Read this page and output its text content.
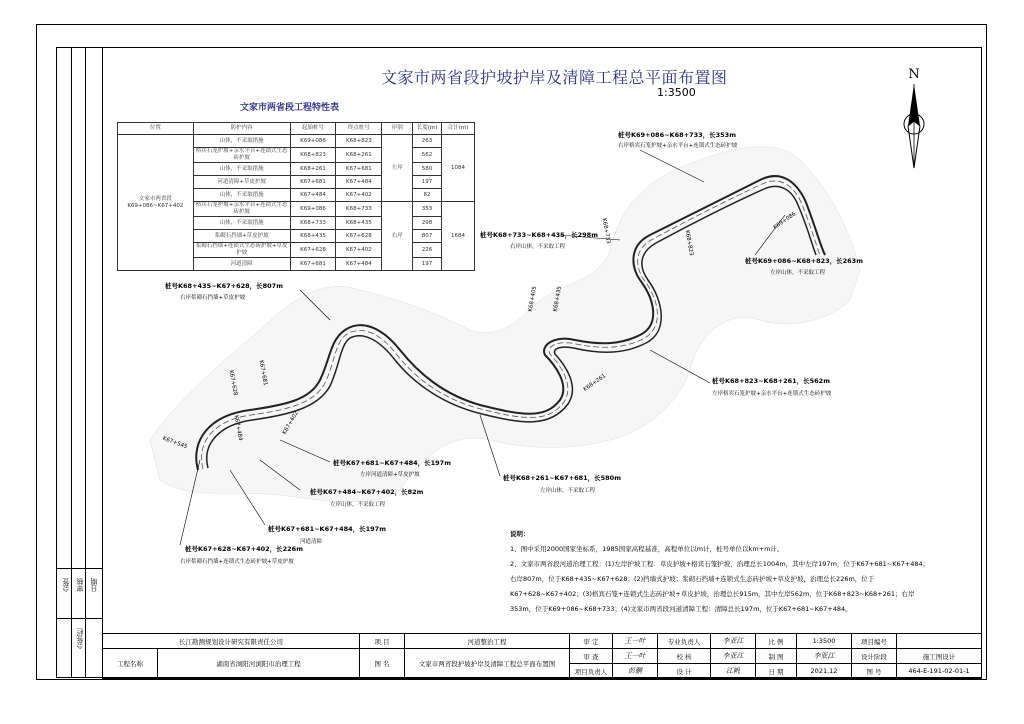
会签 审核 日期
会签栏
文家市两省段护坡护岸及清障工程总平面布置图
1:3500
N
文家市两省段工程特性表
位置	防护内容	起始桩号	终点桩号	岸别	长度(m)	合计(m)
文家市两省段
K69+086~K67+402	山体，不采取措施	K69+086	K68+823	左岸	263	1084
	格宾石笼护坡+亲水平台+连锁式生态砖护坡	K68+823	K68+261		562	
	山体，不采取措施	K68+261	K67+681		580	
	河道清障+草皮护坡	K67+681	K67+484		197	
	山体，不采取措施	K67+484	K67+402		82	
	格宾石笼护坡+亲水平台+连锁式生态砖护坡	K69+086	K68+733	右岸	353	1684
	山体，不采取措施	K68+733	K68+435		298	
	浆砌石挡墙+草皮护坡	K68+435	K67+628		807	
	浆砌石挡墙+连锁式生态砖护坡+草皮护坡	K67+628	K67+402		226	
	河道清障	K67+681	K67+484		197	
桩号K69+086~K68+733，长353m
右岸格宾石笼护坡+亲水平台+连锁式生态砖护坡
桩号K69+086~K68+823，长263m
左岸山体，不采取工程
桩号K68+733~K68+435，长298m
右岸山体，不采取工程
桩号K68+435~K67+628，长807m
右岸浆砌石挡墙+草皮护坡
桩号K68+823~K68+261，长562m
左岸格宾石笼护坡+亲水平台+连锁式生态砖护坡
桩号K67+681~K67+484，长197m
左岸河道清障+草皮护坡
桩号K67+484~K67+402，长82m
左岸山体，不采取工程
桩号K68+261~K67+681，长580m
左岸山体，不采取工程
桩号K67+681~K67+484，长197m
河道清障
桩号K67+628~K67+402，长226m
右岸浆砌石挡墙+连锁式生态砖护坡+草皮护坡
K69+086
K68+823
K68+733
K68+435
K68+405
K68+261
K67+681
K67+628
K67+545
K67+484	K67+402

说明：

1、图中采用2000国家坐标系，1985国家高程基准，高程单位以m计，桩号单位以km+m计。

2、文家市两省段河道治理工程：(1)左岸护坡工程：草皮护坡+格宾石笼护坡，治理总长1004m，其中左岸197m，位于K67+681~K67+484；右岸807m，位于K68+435~K67+628；(2)挡墙式护坡：浆砌石挡墙+连锁式生态砖护坡+草皮护坡，治理总长226m，位于K67+628~K67+402；(3)格宾石笼+连锁式生态砖护坡+草皮护坡，治理总长915m，其中左岸562m，位于K68+823~K68+261；右岸353m，位于K69+086~K68+733；(4)文家市两省段河道清障工程：清障总长197m，位于K67+681~K67+484。

长江勘测规划设计研究有限责任公司		项 目	河道整治工程	审 定	王一叶	专业负责人	李亚江	比 例	1:3500	项目编号	
工程名称	湖南省浏阳河浏阳市治理工程	图 名	文家市两省段护坡护岸及清障工程总平面布置图	审 查	王一叶	校 核	李亚江	制 图	李亚江	设计阶段	施工图设计
				项目负责人	彭鹏	设 计	江帆	日 期	2021.12	图 号	464-E-191-02-01-1
